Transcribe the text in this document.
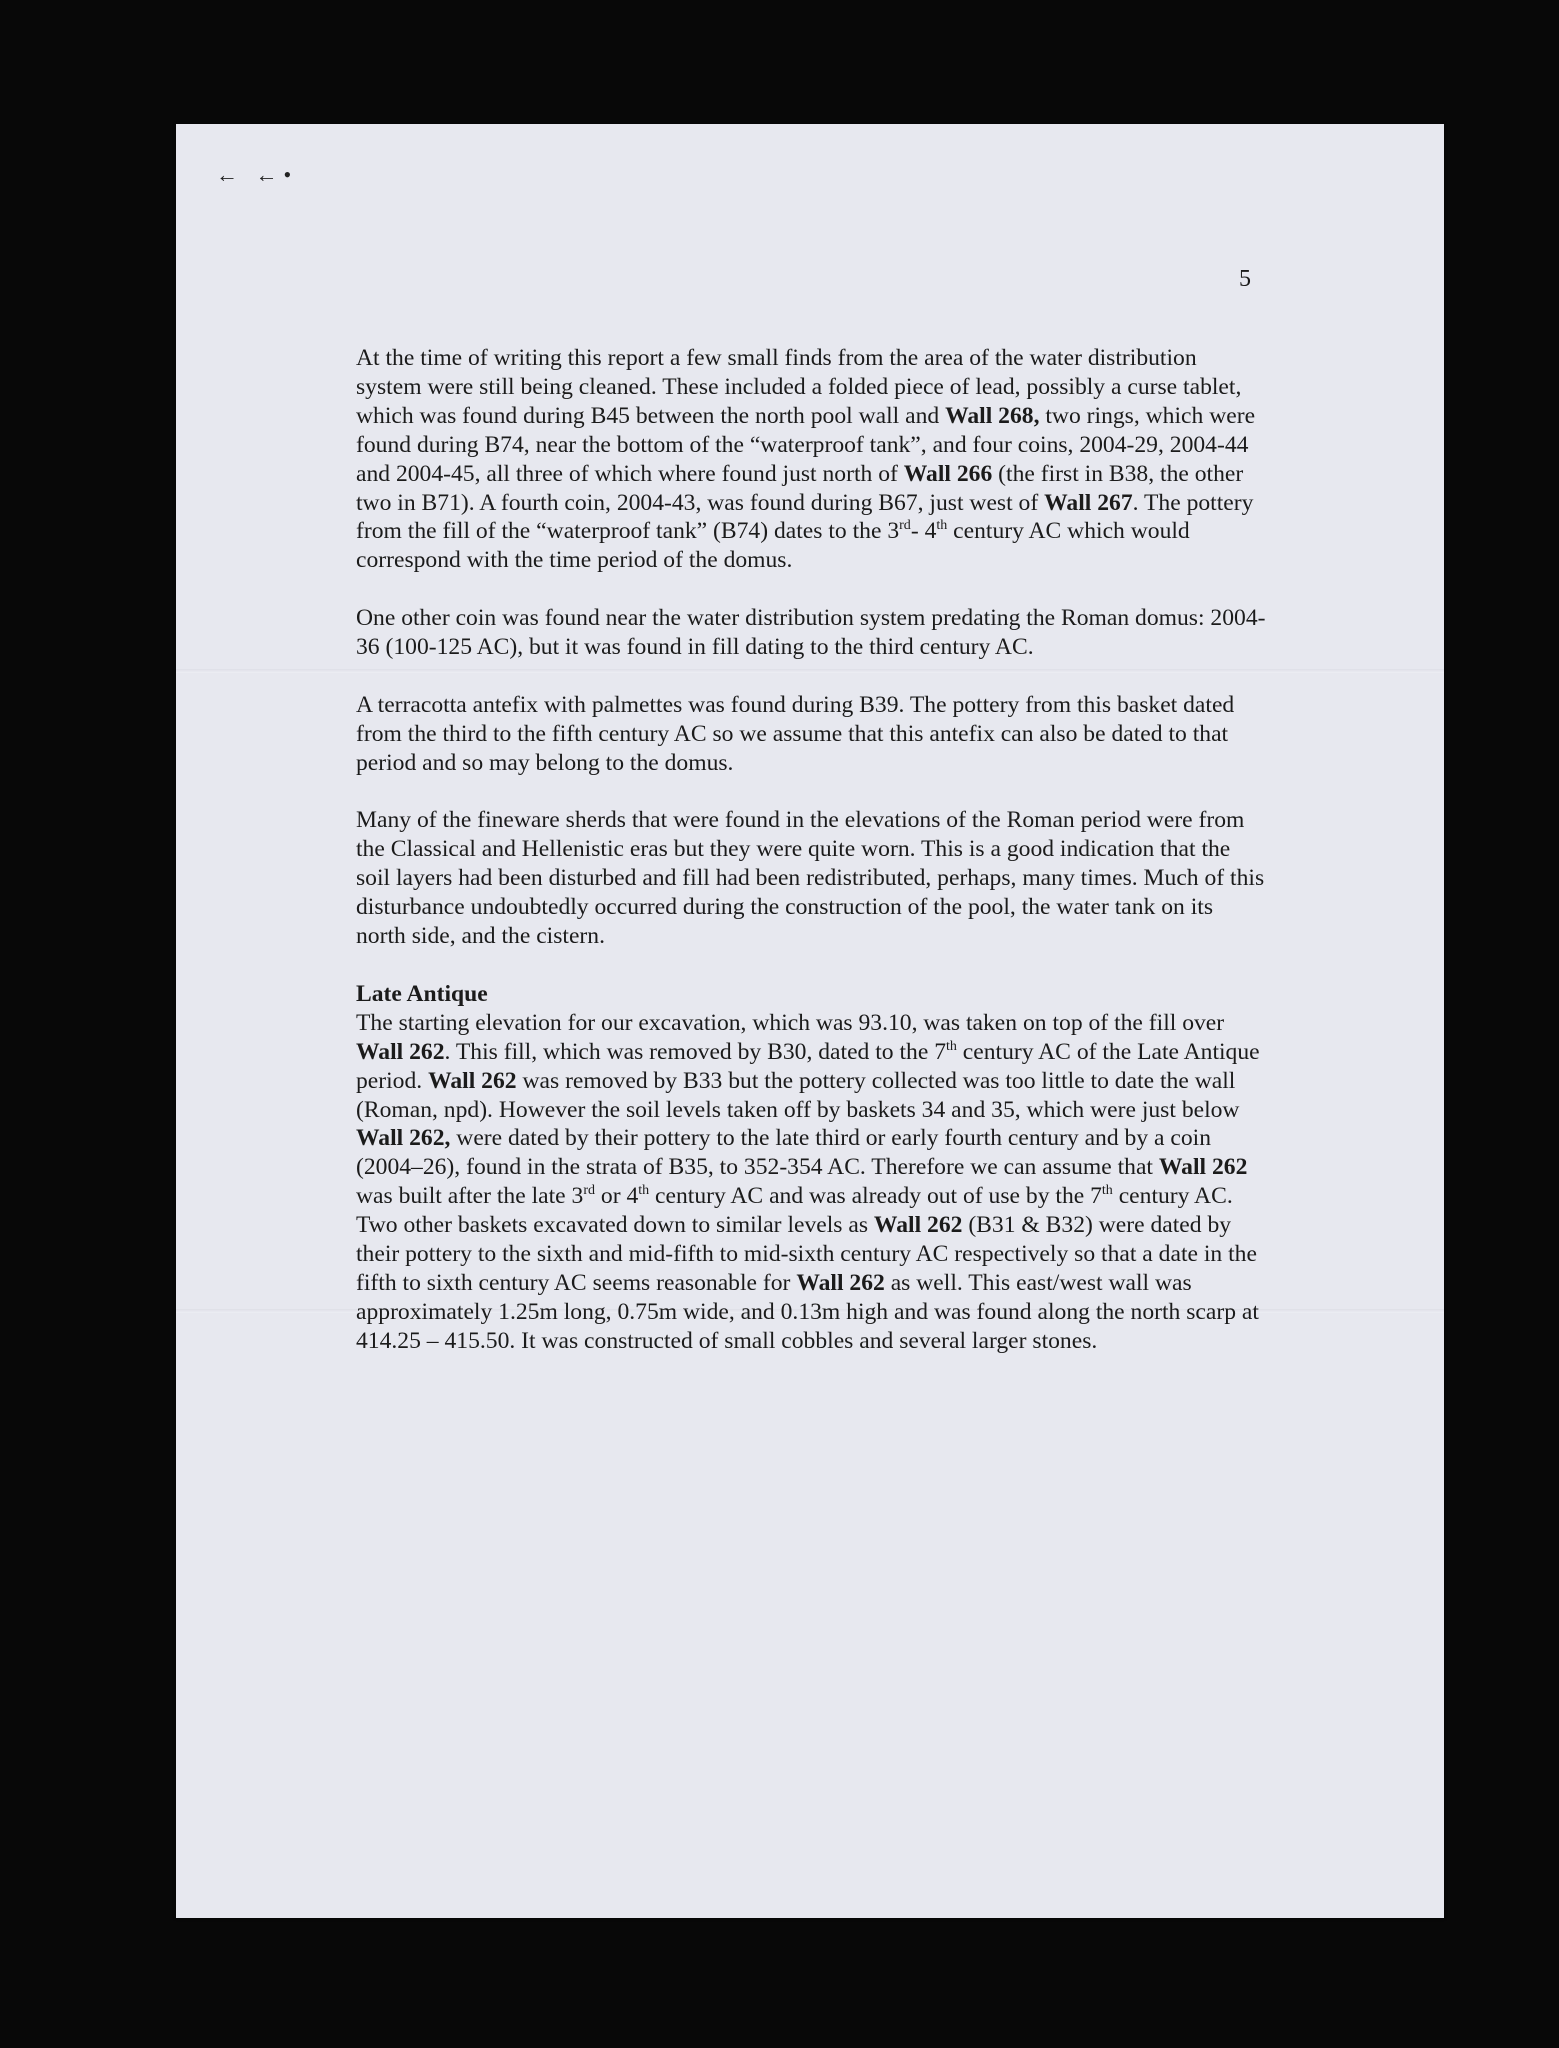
← ←•
5

At the time of writing this report a few small finds from the area of the water distribution system were still being cleaned. These included a folded piece of lead, possibly a curse tablet, which was found during B45 between the north pool wall and Wall 268, two rings, which were found during B74, near the bottom of the “waterproof tank”, and four coins, 2004-29, 2004-44 and 2004-45, all three of which where found just north of Wall 266 (the first in B38, the other two in B71). A fourth coin, 2004-43, was found during B67, just west of Wall 267. The pottery from the fill of the “waterproof tank” (B74) dates to the 3rd- 4th century AC which would correspond with the time period of the domus.

One other coin was found near the water distribution system predating the Roman domus: 2004-36 (100-125 AC), but it was found in fill dating to the third century AC.

A terracotta antefix with palmettes was found during B39. The pottery from this basket dated from the third to the fifth century AC so we assume that this antefix can also be dated to that period and so may belong to the domus.

Many of the fineware sherds that were found in the elevations of the Roman period were from the Classical and Hellenistic eras but they were quite worn. This is a good indication that the soil layers had been disturbed and fill had been redistributed, perhaps, many times. Much of this disturbance undoubtedly occurred during the construction of the pool, the water tank on its north side, and the cistern.

Late Antique

The starting elevation for our excavation, which was 93.10, was taken on top of the fill over Wall 262. This fill, which was removed by B30, dated to the 7th century AC of the Late Antique period. Wall 262 was removed by B33 but the pottery collected was too little to date the wall (Roman, npd). However the soil levels taken off by baskets 34 and 35, which were just below Wall 262, were dated by their pottery to the late third or early fourth century and by a coin (2004–26), found in the strata of B35, to 352-354 AC. Therefore we can assume that Wall 262 was built after the late 3rd or 4th century AC and was already out of use by the 7th century AC. Two other baskets excavated down to similar levels as Wall 262 (B31 & B32) were dated by their pottery to the sixth and mid-fifth to mid-sixth century AC respectively so that a date in the fifth to sixth century AC seems reasonable for Wall 262 as well. This east/west wall was approximately 1.25m long, 0.75m wide, and 0.13m high and was found along the north scarp at 414.25 – 415.50. It was constructed of small cobbles and several larger stones.
